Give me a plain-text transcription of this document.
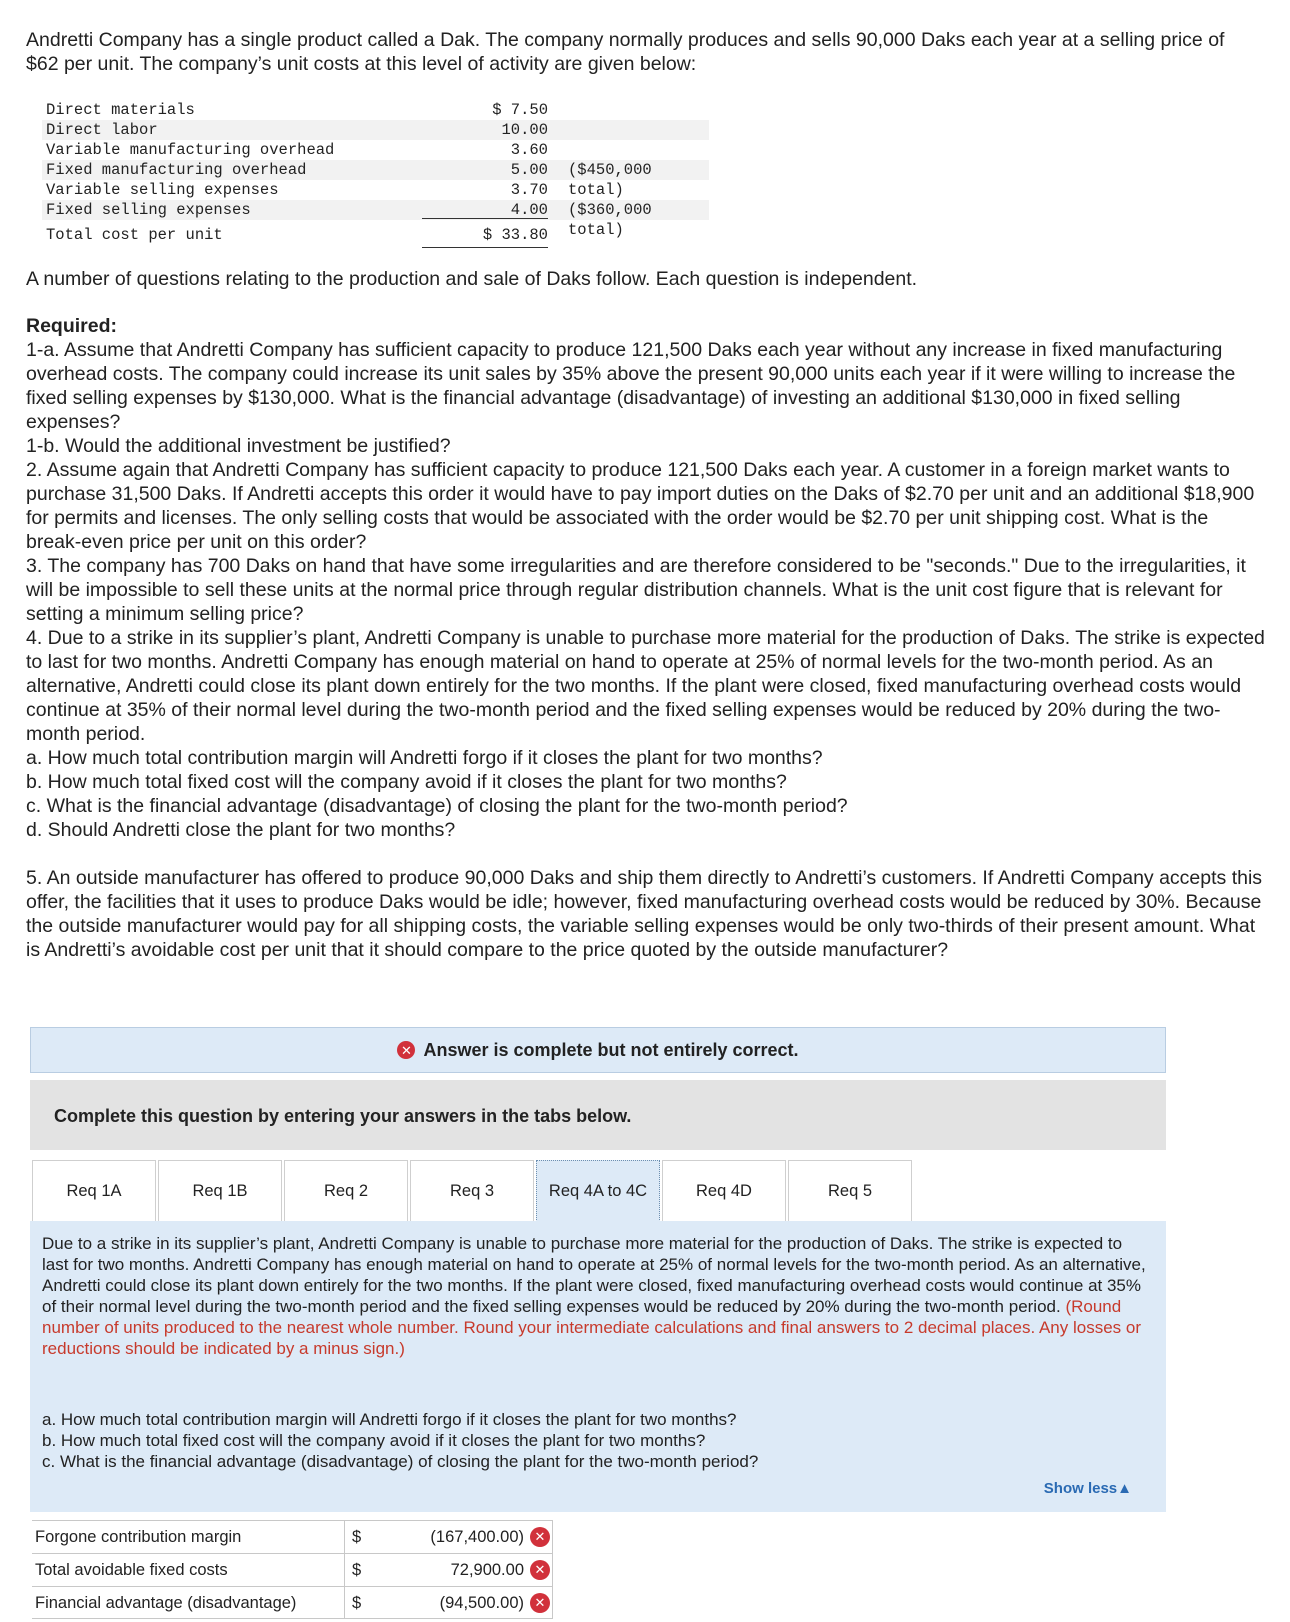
Andretti Company has a single product called a Dak. The company normally produces and sells 90,000 Daks each year at a selling price of $62 per unit. The company’s unit costs at this level of activity are given below:
Direct materials	$ 7.50
Direct labor	10.00
Variable manufacturing overhead	3.60
Fixed manufacturing overhead	5.00 ($450,000 total)
Variable selling expenses	3.70
Fixed selling expenses	4.00 ($360,000 total)
Total cost per unit	$ 33.80
A number of questions relating to the production and sale of Daks follow. Each question is independent.
Required:
1-a. Assume that Andretti Company has sufficient capacity to produce 121,500 Daks each year without any increase in fixed manufacturing overhead costs. The company could increase its unit sales by 35% above the present 90,000 units each year if it were willing to increase the fixed selling expenses by $130,000. What is the financial advantage (disadvantage) of investing an additional $130,000 in fixed selling expenses?
1-b. Would the additional investment be justified?
2. Assume again that Andretti Company has sufficient capacity to produce 121,500 Daks each year. A customer in a foreign market wants to purchase 31,500 Daks. If Andretti accepts this order it would have to pay import duties on the Daks of $2.70 per unit and an additional $18,900 for permits and licenses. The only selling costs that would be associated with the order would be $2.70 per unit shipping cost. What is the break-even price per unit on this order?
3. The company has 700 Daks on hand that have some irregularities and are therefore considered to be "seconds." Due to the irregularities, it will be impossible to sell these units at the normal price through regular distribution channels. What is the unit cost figure that is relevant for setting a minimum selling price?
4. Due to a strike in its supplier’s plant, Andretti Company is unable to purchase more material for the production of Daks. The strike is expected to last for two months. Andretti Company has enough material on hand to operate at 25% of normal levels for the two-month period. As an alternative, Andretti could close its plant down entirely for the two months. If the plant were closed, fixed manufacturing overhead costs would continue at 35% of their normal level during the two-month period and the fixed selling expenses would be reduced by 20% during the two-month period.
a. How much total contribution margin will Andretti forgo if it closes the plant for two months?
b. How much total fixed cost will the company avoid if it closes the plant for two months?
c. What is the financial advantage (disadvantage) of closing the plant for the two-month period?
d. Should Andretti close the plant for two months?
5. An outside manufacturer has offered to produce 90,000 Daks and ship them directly to Andretti’s customers. If Andretti Company accepts this offer, the facilities that it uses to produce Daks would be idle; however, fixed manufacturing overhead costs would be reduced by 30%. Because the outside manufacturer would pay for all shipping costs, the variable selling expenses would be only two-thirds of their present amount. What is Andretti’s avoidable cost per unit that it should compare to the price quoted by the outside manufacturer?
✕ Answer is complete but not entirely correct.
Complete this question by entering your answers in the tabs below.
Req 1A	Req 1B	Req 2	Req 3	Req 4A to 4C	Req 4D	Req 5
Due to a strike in its supplier’s plant, Andretti Company is unable to purchase more material for the production of Daks. The strike is expected to last for two months. Andretti Company has enough material on hand to operate at 25% of normal levels for the two-month period. As an alternative, Andretti could close its plant down entirely for the two months. If the plant were closed, fixed manufacturing overhead costs would continue at 35% of their normal level during the two-month period and the fixed selling expenses would be reduced by 20% during the two-month period. (Round number of units produced to the nearest whole number. Round your intermediate calculations and final answers to 2 decimal places. Any losses or reductions should be indicated by a minus sign.)
a. How much total contribution margin will Andretti forgo if it closes the plant for two months?
b. How much total fixed cost will the company avoid if it closes the plant for two months?
c. What is the financial advantage (disadvantage) of closing the plant for the two-month period?
Show less▲
Forgone contribution margin	$	(167,400.00) ✕
Total avoidable fixed costs	$	72,900.00 ✕
Financial advantage (disadvantage)	$	(94,500.00) ✕
